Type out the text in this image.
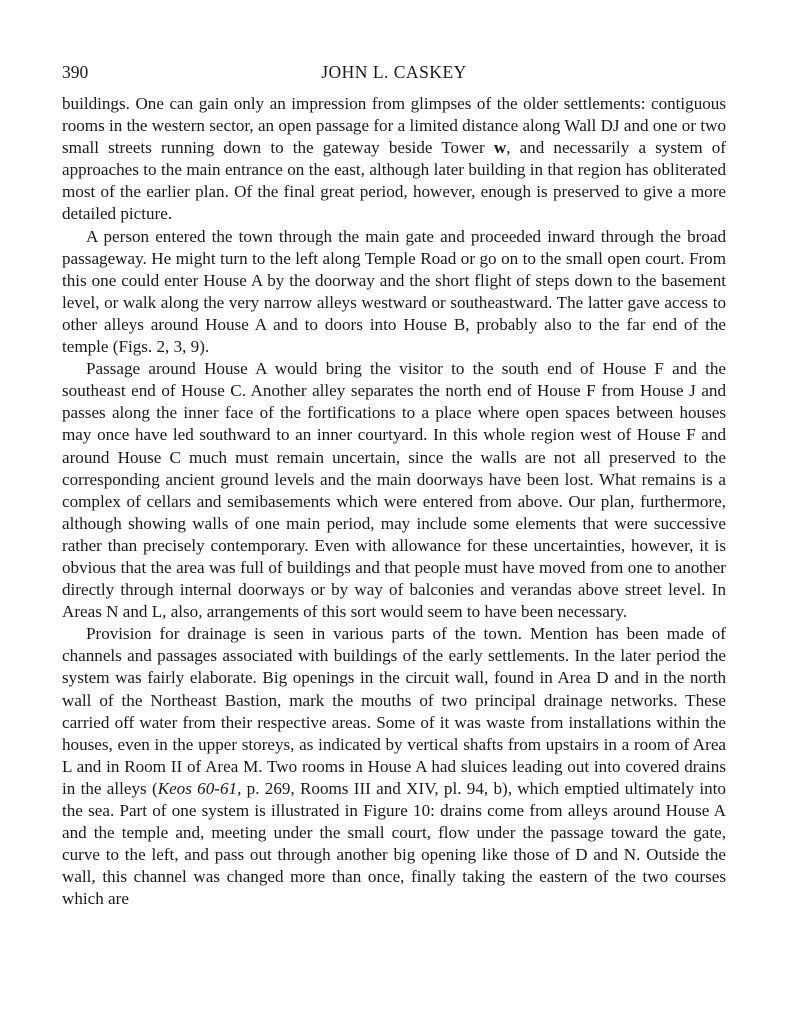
390	JOHN L. CASKEY

buildings. One can gain only an impression from glimpses of the older settlements: contiguous rooms in the western sector, an open passage for a limited distance along Wall DJ and one or two small streets running down to the gateway beside Tower w, and necessarily a system of approaches to the main entrance on the east, although later building in that region has obliterated most of the earlier plan. Of the final great period, however, enough is preserved to give a more detailed picture.

A person entered the town through the main gate and proceeded inward through the broad passageway. He might turn to the left along Temple Road or go on to the small open court. From this one could enter House A by the doorway and the short flight of steps down to the basement level, or walk along the very narrow alleys westward or southeastward. The latter gave access to other alleys around House A and to doors into House B, probably also to the far end of the temple (Figs. 2, 3, 9).

Passage around House A would bring the visitor to the south end of House F and the southeast end of House C. Another alley separates the north end of House F from House J and passes along the inner face of the fortifications to a place where open spaces between houses may once have led southward to an inner courtyard. In this whole region west of House F and around House C much must remain uncertain, since the walls are not all preserved to the corresponding ancient ground levels and the main doorways have been lost. What remains is a complex of cellars and semibasements which were entered from above. Our plan, furthermore, although showing walls of one main period, may include some elements that were successive rather than precisely contemporary. Even with allowance for these uncertainties, however, it is obvious that the area was full of buildings and that people must have moved from one to another directly through internal doorways or by way of balconies and verandas above street level. In Areas N and L, also, arrangements of this sort would seem to have been necessary.

Provision for drainage is seen in various parts of the town. Mention has been made of channels and passages associated with buildings of the early settlements. In the later period the system was fairly elaborate. Big openings in the circuit wall, found in Area D and in the north wall of the Northeast Bastion, mark the mouths of two principal drainage networks. These carried off water from their respective areas. Some of it was waste from installations within the houses, even in the upper storeys, as indicated by vertical shafts from upstairs in a room of Area L and in Room II of Area M. Two rooms in House A had sluices leading out into covered drains in the alleys (Keos 60-61, p. 269, Rooms III and XIV, pl. 94, b), which emptied ultimately into the sea. Part of one system is illustrated in Figure 10: drains come from alleys around House A and the temple and, meeting under the small court, flow under the passage toward the gate, curve to the left, and pass out through another big opening like those of D and N. Outside the wall, this channel was changed more than once, finally taking the eastern of the two courses which are
